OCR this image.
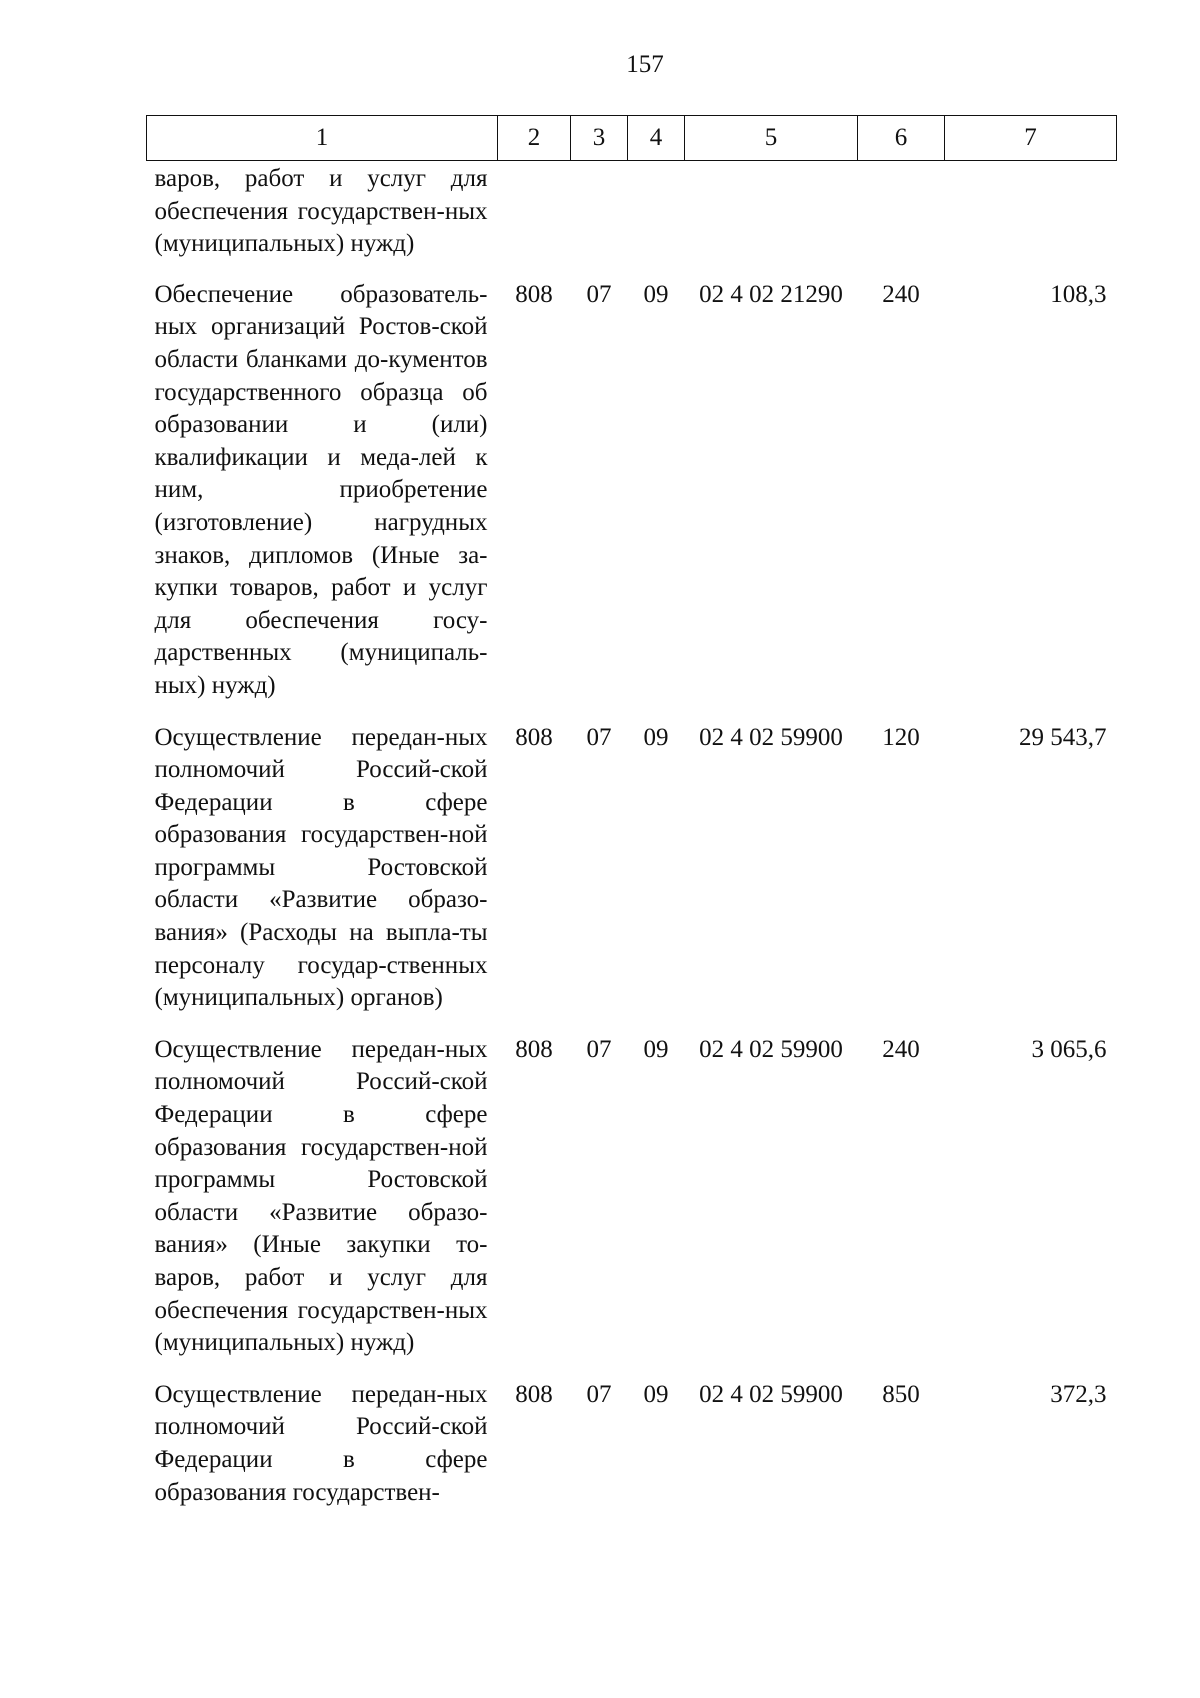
157
1	2	3	4	5	6	7
варов, работ и услуг для обеспечения государствен-ных (муниципальных) нужд)						
Обеспечение образователь-ных организаций Ростов-ской области бланками до-кументов государственного образца об образовании и (или) квалификации и меда-лей к ним, приобретение (изготовление) нагрудных знаков, дипломов (Иные за-купки товаров, работ и услуг для обеспечения госу-дарственных (муниципаль-ных) нужд)	808	07	09	02 4 02 21290	240	108,3
Осуществление передан-ных полномочий Россий-ской Федерации в сфере образования государствен-ной программы Ростовской области «Развитие образо-вания» (Расходы на выпла-ты персоналу государ-ственных (муниципальных) органов)	808	07	09	02 4 02 59900	120	29 543,7
Осуществление передан-ных полномочий Россий-ской Федерации в сфере образования государствен-ной программы Ростовской области «Развитие образо-вания» (Иные закупки то-варов, работ и услуг для обеспечения государствен-ных (муниципальных) нужд)	808	07	09	02 4 02 59900	240	3 065,6
Осуществление передан-ных полномочий Россий-ской Федерации в сфере образования государствен-	808	07	09	02 4 02 59900	850	372,3
